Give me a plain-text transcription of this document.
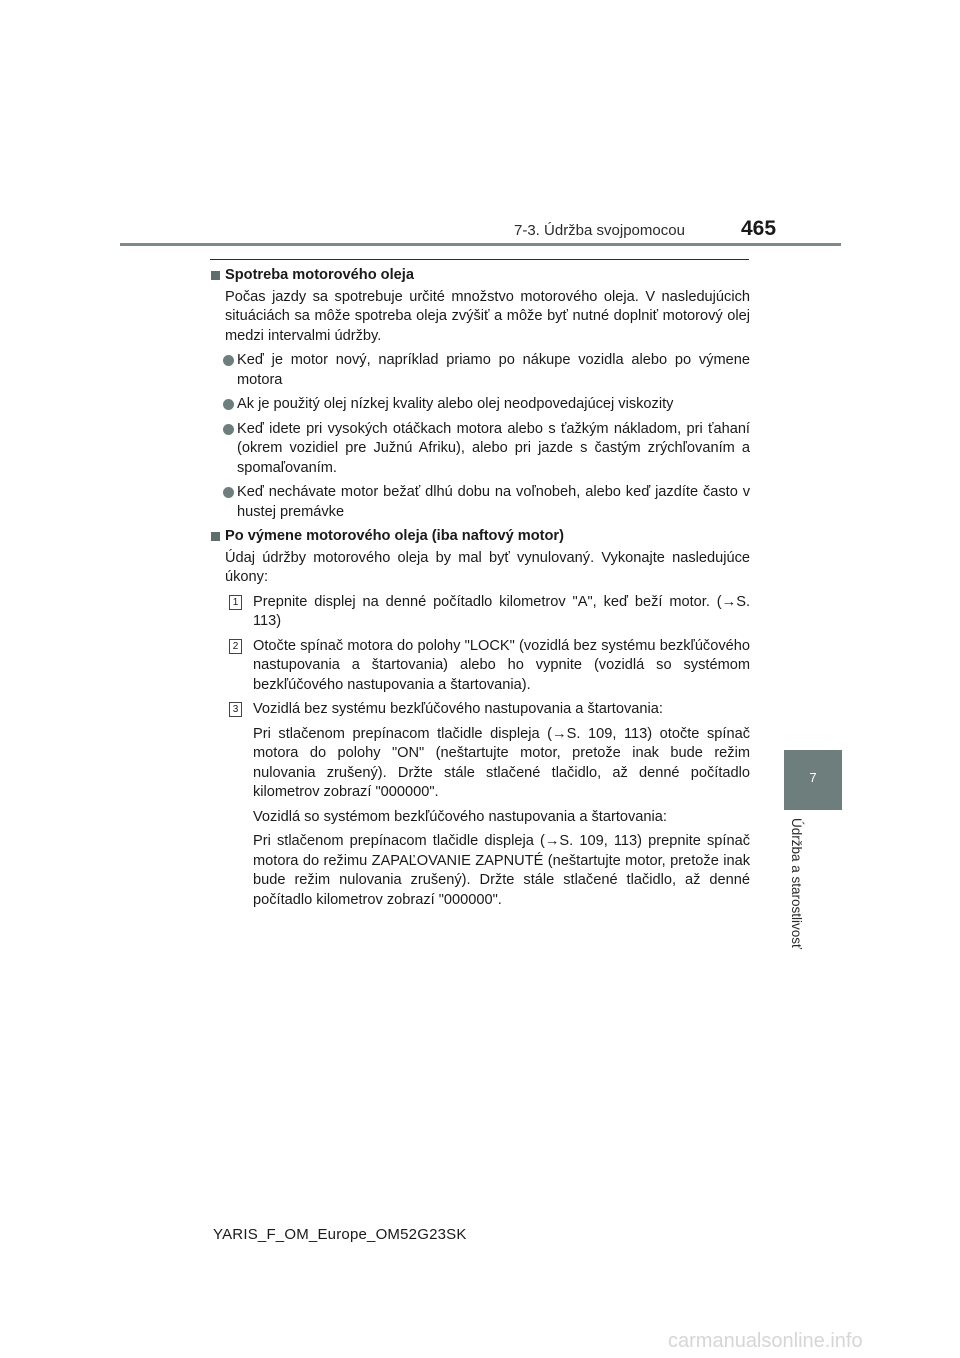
7-3. Údržba svojpomocou	465
7
Údržba a starostlivosť
Spotreba motorového oleja
Počas jazdy sa spotrebuje určité množstvo motorového oleja. V nasledujúcich situáciách sa môže spotreba oleja zvýšiť a môže byť nutné doplniť motorový olej medzi intervalmi údržby.
Keď je motor nový, napríklad priamo po nákupe vozidla alebo po výmene motora
Ak je použitý olej nízkej kvality alebo olej neodpovedajúcej viskozity
Keď idete pri vysokých otáčkach motora alebo s ťažkým nákladom, pri ťahaní (okrem vozidiel pre Južnú Afriku), alebo pri jazde s častým zrýchľovaním a spomaľovaním.
Keď nechávate motor bežať dlhú dobu na voľnobeh, alebo keď jazdíte často v hustej premávke
Po výmene motorového oleja (iba naftový motor)
Údaj údržby motorového oleja by mal byť vynulovaný. Vykonajte nasledujúce úkony:
1 Prepnite displej na denné počítadlo kilometrov "A", keď beží motor. (→S. 113)
2 Otočte spínač motora do polohy "LOCK" (vozidlá bez systému bezkľúčového nastupovania a štartovania) alebo ho vypnite (vozidlá so systémom bezkľúčového nastupovania a štartovania).
3 Vozidlá bez systému bezkľúčového nastupovania a štartovania:
Pri stlačenom prepínacom tlačidle displeja (→S. 109, 113) otočte spínač motora do polohy "ON" (neštartujte motor, pretože inak bude režim nulovania zrušený). Držte stále stlačené tlačidlo, až denné počítadlo kilometrov zobrazí "000000".
Vozidlá so systémom bezkľúčového nastupovania a štartovania:
Pri stlačenom prepínacom tlačidle displeja (→S. 109, 113) prepnite spínač motora do režimu ZAPAĽOVANIE ZAPNUTÉ (neštartujte motor, pretože inak bude režim nulovania zrušený). Držte stále stlačené tlačidlo, až denné počítadlo kilometrov zobrazí "000000".
YARIS_F_OM_Europe_OM52G23SK
carmanualsonline.info
